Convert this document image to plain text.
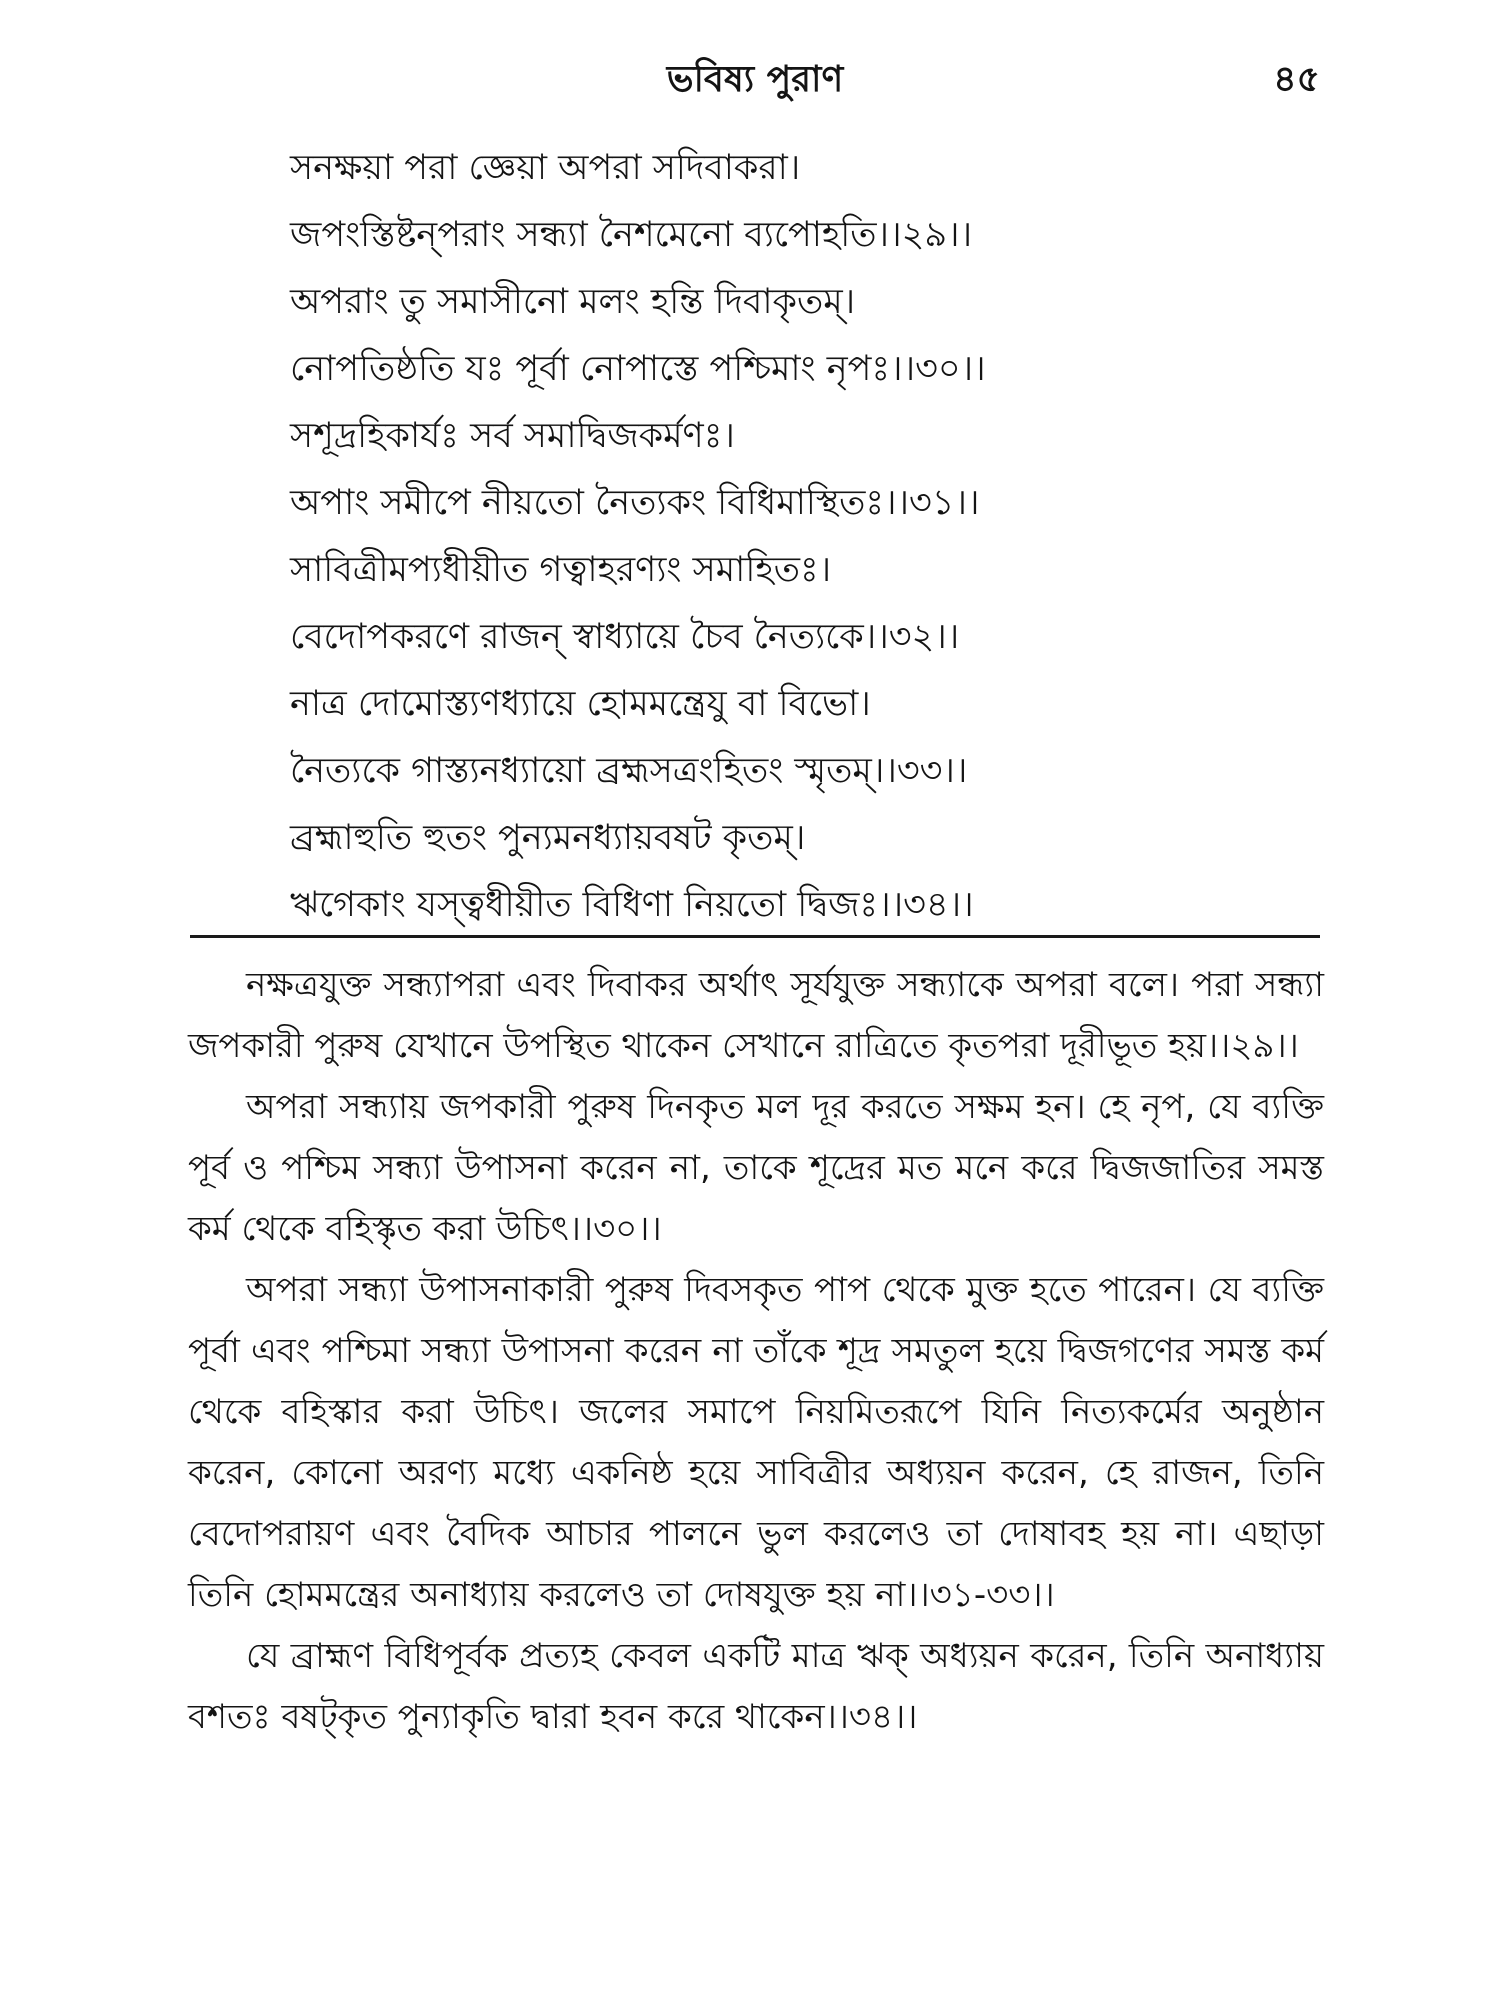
ভবিষ্য পুরাণ	৪৫
সনক্ষয়া পরা জ্ঞেয়া অপরা সদিবাকরা।
জপংস্তিষ্টন্‌পরাং সন্ধ্যা নৈশমেনো ব্যপোহতি।।২৯।।
অপরাং তু সমাসীনো মলং হন্তি দিবাকৃতম্‌।
নোপতিষ্ঠতি যঃ পূর্বা নোপাস্তে পশ্চিমাং নৃপঃ।।৩০।।
সশূদ্রহিকার্যঃ সর্ব সমাদ্বিজকর্মণঃ।
অপাং সমীপে নীয়তো নৈত্যকং বিধিমাস্থিতঃ।।৩১।।
সাবিত্রীমপ্যধীয়ীত গত্বাহরণ্যং সমাহিতঃ।
বেদোপকরণে রাজন্‌ স্বাধ্যায়ে চৈব নৈত্যকে।।৩২।।
নাত্র দোমোস্ত্যণধ্যায়ে হোমমন্ত্রেযু বা বিভো।
নৈত্যকে গাস্ত্যনধ্যায়ো ব্রহ্মসত্রংহিতং স্মৃতম্‌।।৩৩।।
ব্রহ্মাহুতি হুতং পুন্যমনধ্যায়বষট কৃতম্‌।
ঋগেকাং যস্ত্বধীয়ীত বিধিণা নিয়তো দ্বিজঃ।।৩৪।।

নক্ষত্রযুক্ত সন্ধ্যাপরা এবং দিবাকর অর্থাৎ সূর্যযুক্ত সন্ধ্যাকে অপরা বলে। পরা সন্ধ্যা জপকারী পুরুষ যেখানে উপস্থিত থাকেন সেখানে রাত্রিতে কৃতপরা দূরীভূত হয়।।২৯।।

অপরা সন্ধ্যায় জপকারী পুরুষ দিনকৃত মল দূর করতে সক্ষম হন। হে নৃপ, যে ব্যক্তি পূর্ব ও পশ্চিম সন্ধ্যা উপাসনা করেন না, তাকে শূদ্রের মত মনে করে দ্বিজজাতির সমস্ত কর্ম থেকে বহিস্কৃত করা উচিৎ।।৩০।।

অপরা সন্ধ্যা উপাসনাকারী পুরুষ দিবসকৃত পাপ থেকে মুক্ত হতে পারেন। যে ব্যক্তি পূর্বা এবং পশ্চিমা সন্ধ্যা উপাসনা করেন না তাঁকে শূদ্র সমতুল হয়ে দ্বিজগণের সমস্ত কর্ম থেকে বহিস্কার করা উচিৎ। জলের সমাপে নিয়মিতরূপে যিনি নিত্যকর্মের অনুষ্ঠান করেন, কোনো অরণ্য মধ্যে একনিষ্ঠ হয়ে সাবিত্রীর অধ্যয়ন করেন, হে রাজন, তিনি বেদোপরায়ণ এবং বৈদিক আচার পালনে ভুল করলেও তা দোষাবহ হয় না। এছাড়া তিনি হোমমন্ত্রের অনাধ্যায় করলেও তা দোষযুক্ত হয় না।।৩১-৩৩।।

যে ব্রাহ্মণ বিধিপূর্বক প্রত্যহ কেবল একটি মাত্র ঋক্‌ অধ্যয়ন করেন, তিনি অনাধ্যায় বশতঃ বষট্‌কৃত পুন্যাকৃতি দ্বারা হবন করে থাকেন।।৩৪।।
